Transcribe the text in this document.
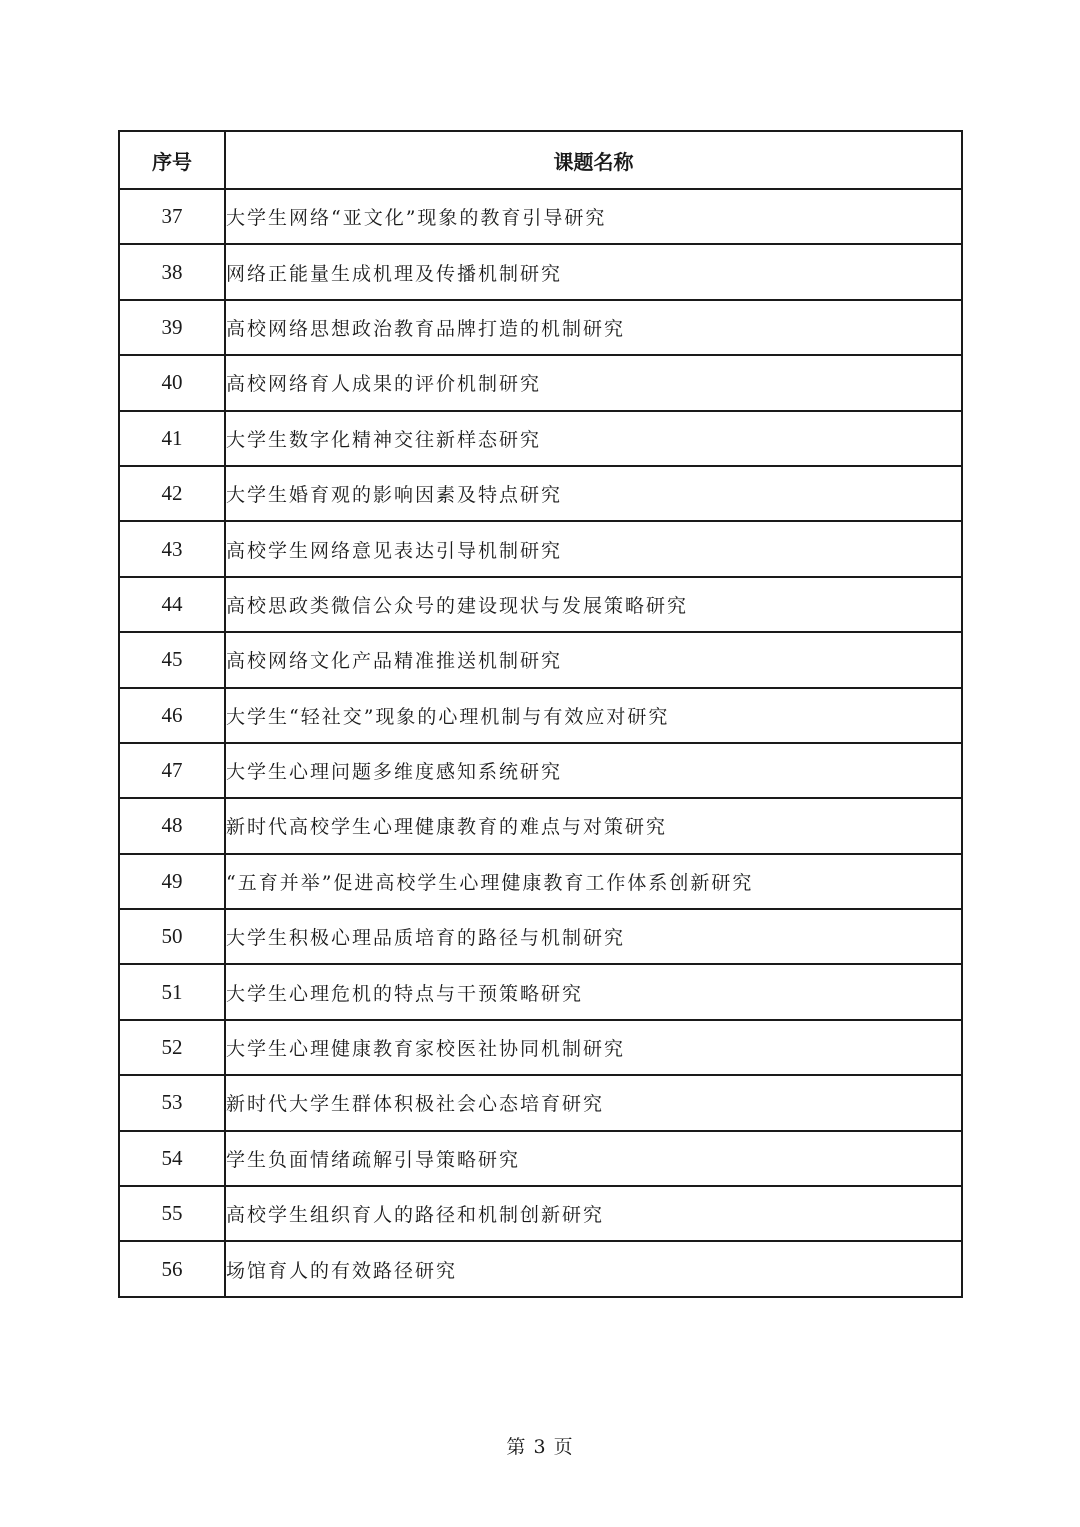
序号	课题名称
37	大学生网络“亚文化”现象的教育引导研究
38	网络正能量生成机理及传播机制研究
39	高校网络思想政治教育品牌打造的机制研究
40	高校网络育人成果的评价机制研究
41	大学生数字化精神交往新样态研究
42	大学生婚育观的影响因素及特点研究
43	高校学生网络意见表达引导机制研究
44	高校思政类微信公众号的建设现状与发展策略研究
45	高校网络文化产品精准推送机制研究
46	大学生“轻社交”现象的心理机制与有效应对研究
47	大学生心理问题多维度感知系统研究
48	新时代高校学生心理健康教育的难点与对策研究
49	“五育并举”促进高校学生心理健康教育工作体系创新研究
50	大学生积极心理品质培育的路径与机制研究
51	大学生心理危机的特点与干预策略研究
52	大学生心理健康教育家校医社协同机制研究
53	新时代大学生群体积极社会心态培育研究
54	学生负面情绪疏解引导策略研究
55	高校学生组织育人的路径和机制创新研究
56	场馆育人的有效路径研究
第 3 页
